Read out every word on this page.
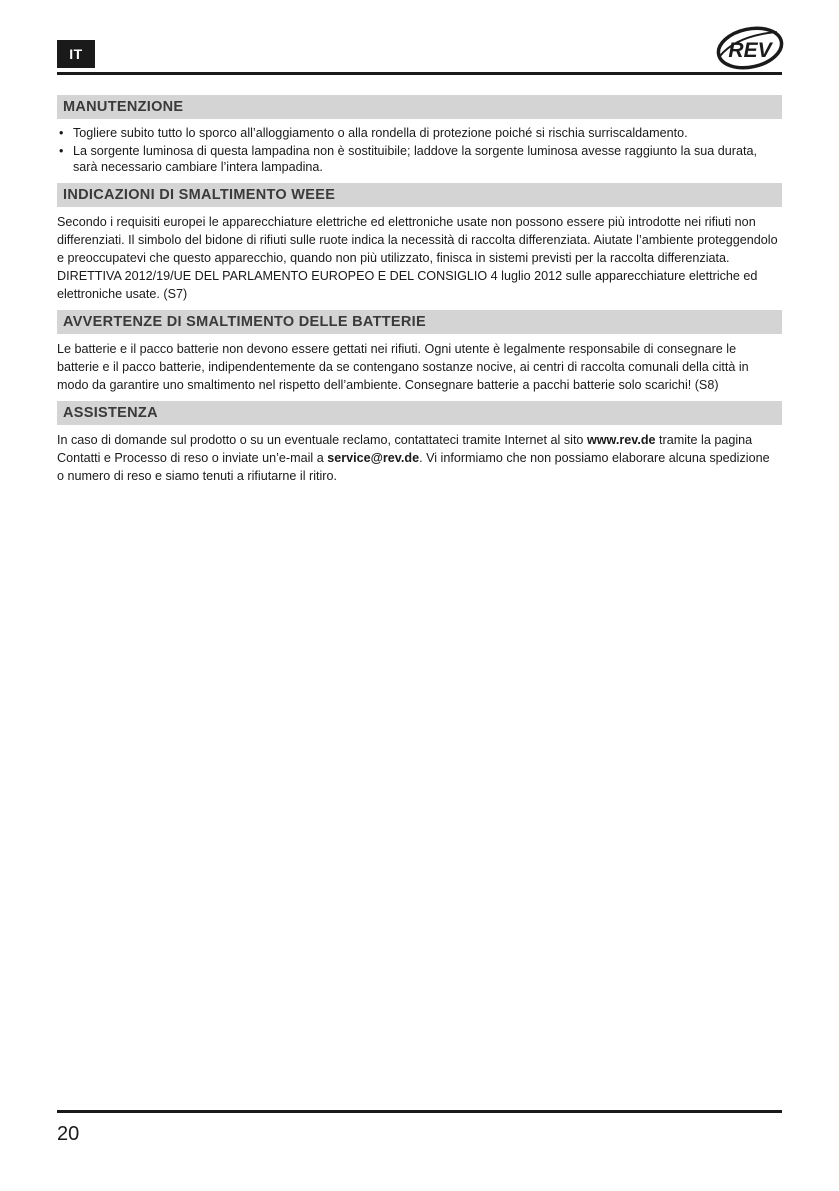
IT	REV
MANUTENZIONE
• Togliere subito tutto lo sporco all’alloggiamento o alla rondella di protezione poiché si rischia surriscaldamento.
• La sorgente luminosa di questa lampadina non è sostituibile; laddove la sorgente luminosa avesse raggiunto la sua durata, sarà necessario cambiare l’intera lampadina.
INDICAZIONI DI SMALTIMENTO WEEE

Secondo i requisiti europei le apparecchiature elettriche ed elettroniche usate non possono essere più introdotte nei rifiuti non differenziati. Il simbolo del bidone di rifiuti sulle ruote indica la necessità di raccolta differenziata. Aiutate l’ambiente proteggendolo e preoccupatevi che questo apparecchio, quando non più utilizzato, finisca in sistemi previsti per la raccolta differenziata. DIRETTIVA 2012/19/UE DEL PARLAMENTO EUROPEO E DEL CONSIGLIO 4 luglio 2012 sulle apparecchiature elettriche ed elettroniche usate. (S7)

AVVERTENZE DI SMALTIMENTO DELLE BATTERIE

Le batterie e il pacco batterie non devono essere gettati nei rifiuti. Ogni utente è legalmente responsabile di consegnare le batterie e il pacco batterie, indipendentemente da se contengano sostanze nocive, ai centri di raccolta comunali della città in modo da garantire uno smaltimento nel rispetto dell’ambiente. Consegnare batterie a pacchi batterie solo scarichi! (S8)

ASSISTENZA

In caso di domande sul prodotto o su un eventuale reclamo, contattateci tramite Internet al sito www.rev.de tramite la pagina Contatti e Processo di reso o inviate un’e-mail a service@rev.de. Vi informiamo che non possiamo elaborare alcuna spedizione o numero di reso e siamo tenuti a rifiutarne il ritiro.

20
